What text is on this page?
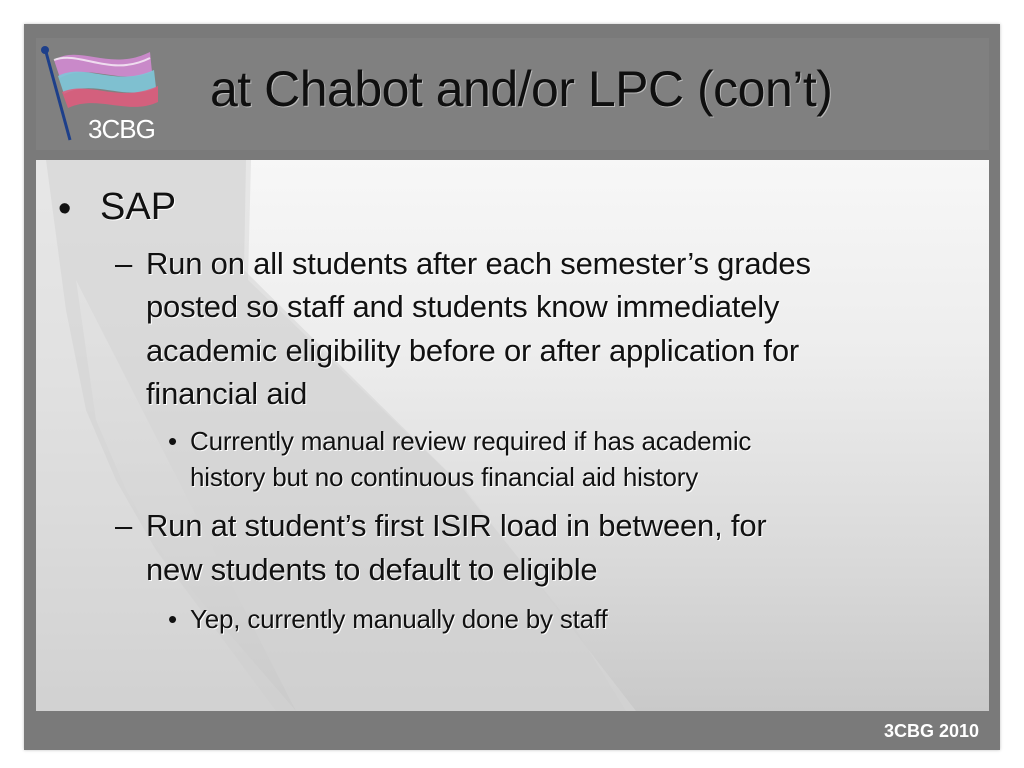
3CBG
at Chabot and/or LPC (con’t)
• SAP
– Run on all students after each semester’s grades
posted so staff and students know immediately
academic eligibility before or after application for
financial aid
• Currently manual review required if has academic
history but no continuous financial aid history
– Run at student’s first ISIR load in between, for
new students to default to eligible
• Yep, currently manually done by staff
3CBG 2010
